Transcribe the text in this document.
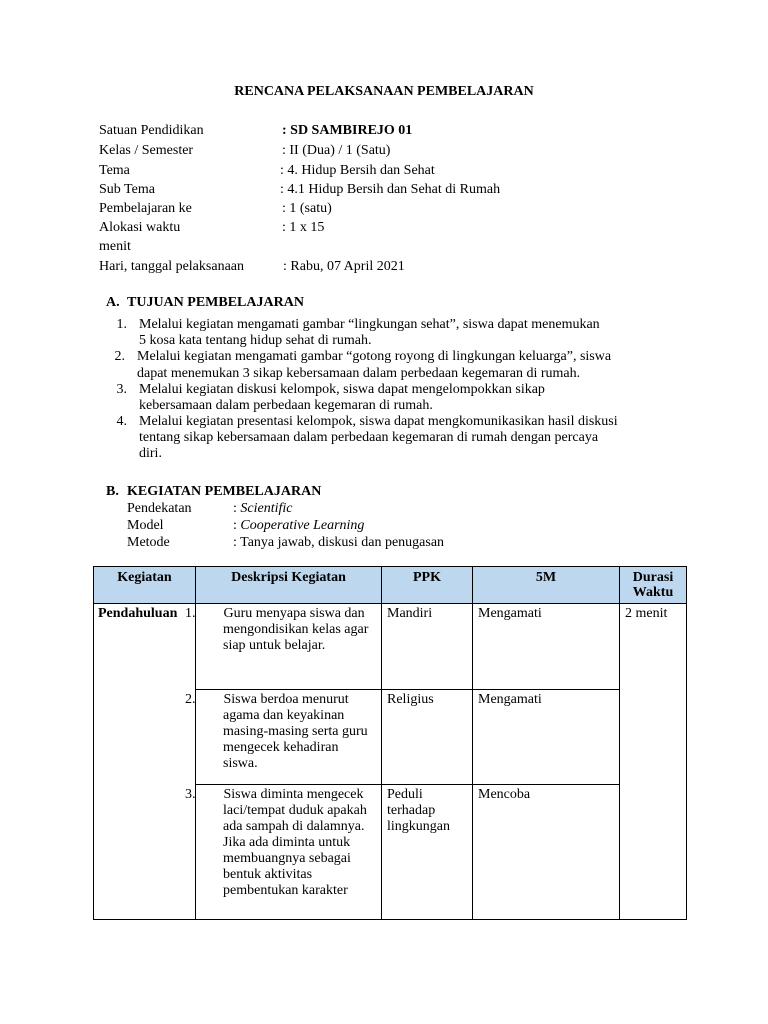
RENCANA PELAKSANAAN PEMBELAJARAN
Satuan Pendidikan	: SD SAMBIREJO 01
Kelas / Semester	: II (Dua) / 1 (Satu)
Tema	: 4. Hidup Bersih dan Sehat
Sub Tema	: 4.1 Hidup Bersih dan Sehat di Rumah
Pembelajaran ke	: 1 (satu)
Alokasi waktu	: 1 x 15
menit
Hari, tanggal pelaksanaan	: Rabu, 07 April 2021
A. TUJUAN PEMBELAJARAN
1. Melalui kegiatan mengamati gambar “lingkungan sehat”, siswa dapat menemukan
5 kosa kata tentang hidup sehat di rumah.
2. Melalui kegiatan mengamati gambar “gotong royong di lingkungan keluarga”, siswa
dapat menemukan 3 sikap kebersamaan dalam perbedaan kegemaran di rumah.
3. Melalui kegiatan diskusi kelompok, siswa dapat mengelompokkan sikap
kebersamaan dalam perbedaan kegemaran di rumah.
4. Melalui kegiatan presentasi kelompok, siswa dapat mengkomunikasikan hasil diskusi
tentang sikap kebersamaan dalam perbedaan kegemaran di rumah dengan percaya
diri.
B. KEGIATAN PEMBELAJARAN
Pendekatan	: Scientific
Model	: Cooperative Learning
Metode	: Tanya jawab, diskusi dan penugasan
Kegiatan	Deskripsi Kegiatan	PPK	5M	Durasi Waktu
Pendahuluan	1. Guru menyapa siswa dan mengondisikan kelas agar siap untuk belajar.	Mandiri	Mengamati	2 menit

	2. Siswa berdoa menurut agama dan keyakinan masing-masing serta guru mengecek kehadiran siswa.	Religius	Mengamati	

	3. Siswa diminta mengecek laci/tempat duduk apakah ada sampah di dalamnya. Jika ada diminta untuk membuangnya sebagai bentuk aktivitas pembentukan karakter	Peduli terhadap lingkungan	Mencoba	
